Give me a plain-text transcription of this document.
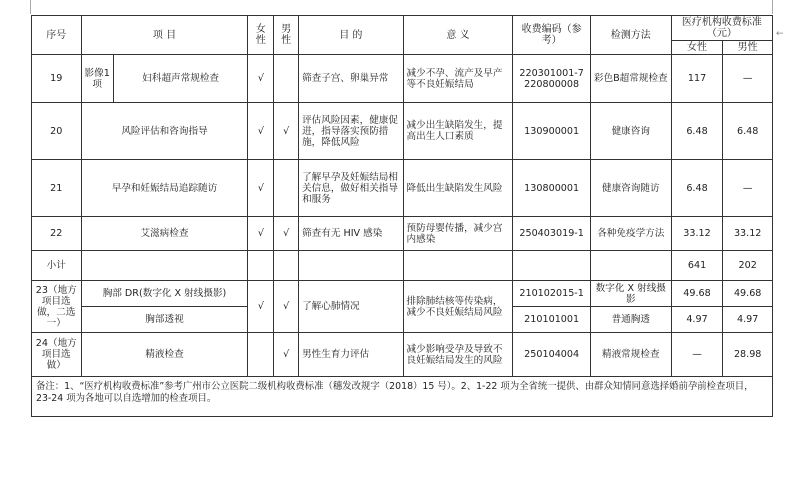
←
序号	项 目		女性	男性	目 的	意 义	收费编码（参考）	检测方法	医疗机构收费标准（元）	
									女性	男性
19	影像1项	妇科超声常规检查	√		筛查子宫、卵巢异常	减少不孕、流产及早产等不良妊娠结局	220301001-7 220800008	彩色B超常规检查	117	—
20	风险评估和咨询指导		√	√	评估风险因素，健康促进，指导落实预防措施，降低风险	减少出生缺陷发生，提高出生人口素质	130900001	健康咨询	6.48	6.48
21	早孕和妊娠结局追踪随访		√		了解早孕及妊娠结局相关信息，做好相关指导和服务	降低出生缺陷发生风险	130800001	健康咨询随访	6.48	—
22	艾滋病检查		√	√	筛查有无 HIV 感染	预防母婴传播，减少宫内感染	250403019-1	各种免疫学方法	33.12	33.12
小计									641	202
23（地方项目选做，二选一）	胸部 DR(数字化 X 射线摄影)		√	√	了解心肺情况	排除肺结核等传染病，减少不良妊娠结局风险	210102015-1	数字化 X 射线摄影	49.68	49.68
	胸部透视						210101001	普通胸透	4.97	4.97
24（地方项目选做）	精液检查			√	男性生育力评估	减少影响受孕及导致不良妊娠结局发生的风险	250104004	精液常规检查	—	28.98
备注：1、“医疗机构收费标准”参考广州市公立医院二级机构收费标准（穗发改规字（2018）15 号）。2、1-22 项为全省统一提供、由群众知情同意选择婚前孕前检查项目，23-24 项为各地可以自选增加的检查项目。										
